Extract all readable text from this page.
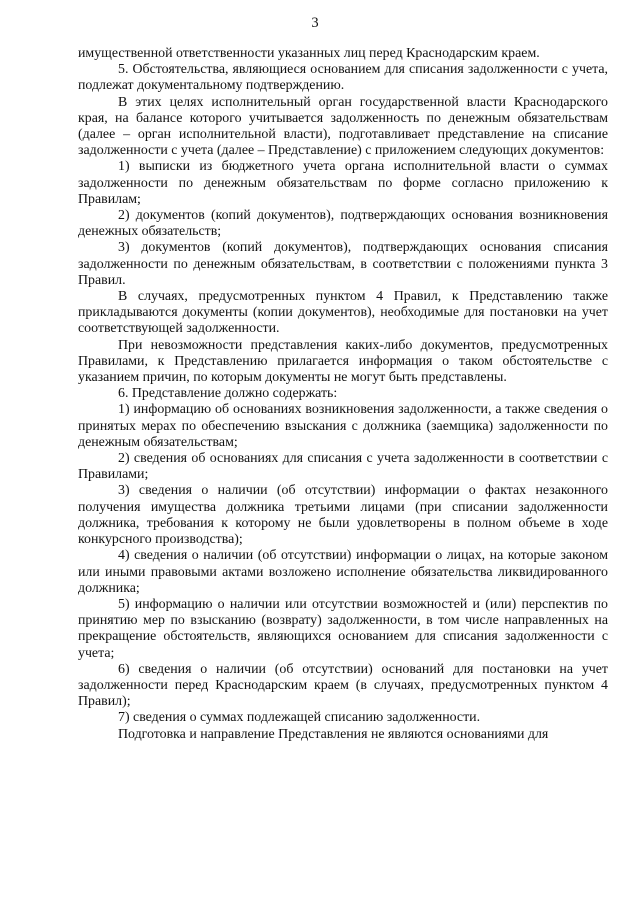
3

имущественной ответственности указанных лиц перед Краснодарским краем.

5. Обстоятельства, являющиеся основанием для списания задолженности с учета, подлежат документальному подтверждению.

В этих целях исполнительный орган государственной власти Краснодарского края, на балансе которого учитывается задолженность по денежным обязательствам (далее – орган исполнительной власти), подготавливает представление на списание задолженности с учета (далее – Представление) с приложением следующих документов:

1) выписки из бюджетного учета органа исполнительной власти о суммах задолженности по денежным обязательствам по форме согласно приложению к Правилам;

2) документов (копий документов), подтверждающих основания возникновения денежных обязательств;

3) документов (копий документов), подтверждающих основания списания задолженности по денежным обязательствам, в соответствии с положениями пункта 3 Правил.

В случаях, предусмотренных пунктом 4 Правил, к Представлению также прикладываются документы (копии документов), необходимые для постановки на учет соответствующей задолженности.

При невозможности представления каких-либо документов, предусмотренных Правилами, к Представлению прилагается информация о таком обстоятельстве с указанием причин, по которым документы не могут быть представлены.

6. Представление должно содержать:

1) информацию об основаниях возникновения задолженности, а также сведения о принятых мерах по обеспечению взыскания с должника (заемщика) задолженности по денежным обязательствам;

2) сведения об основаниях для списания с учета задолженности в соответствии с Правилами;

3) сведения о наличии (об отсутствии) информации о фактах незаконного получения имущества должника третьими лицами (при списании задолженности должника, требования к которому не были удовлетворены в полном объеме в ходе конкурсного производства);

4) сведения о наличии (об отсутствии) информации о лицах, на которые законом или иными правовыми актами возложено исполнение обязательства ликвидированного должника;

5) информацию о наличии или отсутствии возможностей и (или) перспектив по принятию мер по взысканию (возврату) задолженности, в том числе направленных на прекращение обстоятельств, являющихся основанием для списания задолженности с учета;

6) сведения о наличии (об отсутствии) оснований для постановки на учет задолженности перед Краснодарским краем (в случаях, предусмотренных пунктом 4 Правил);

7) сведения о суммах подлежащей списанию задолженности.

Подготовка и направление Представления не являются основаниями для
